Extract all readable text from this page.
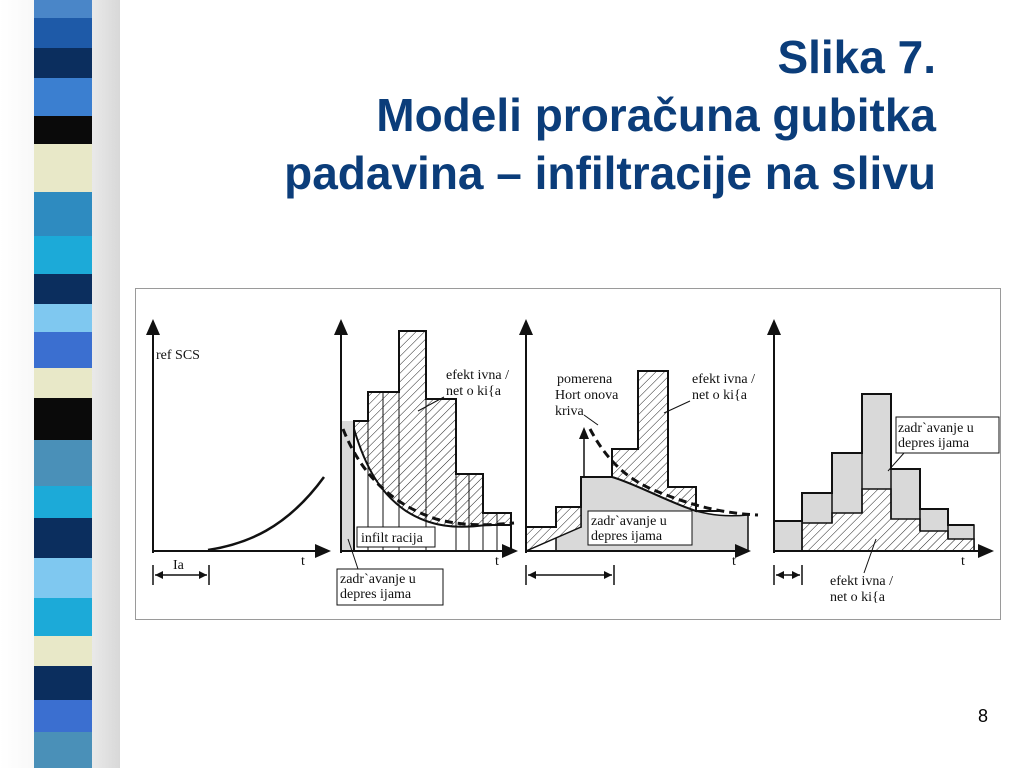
Slika 7.
Modeli proračuna gubitka
padavina – infiltracije na slivu
ref SCS
t
Ia	t
efekt ivna /
net o ki{a
infilt racija
zadr`avanje u
depres ijama
t
pomerena
Hort onova
kriva
efekt ivna /
net o ki{a
zadr`avanje u
depres ijama
t
zadr`avanje u
depres ijama
efekt ivna /
net o ki{a
8
